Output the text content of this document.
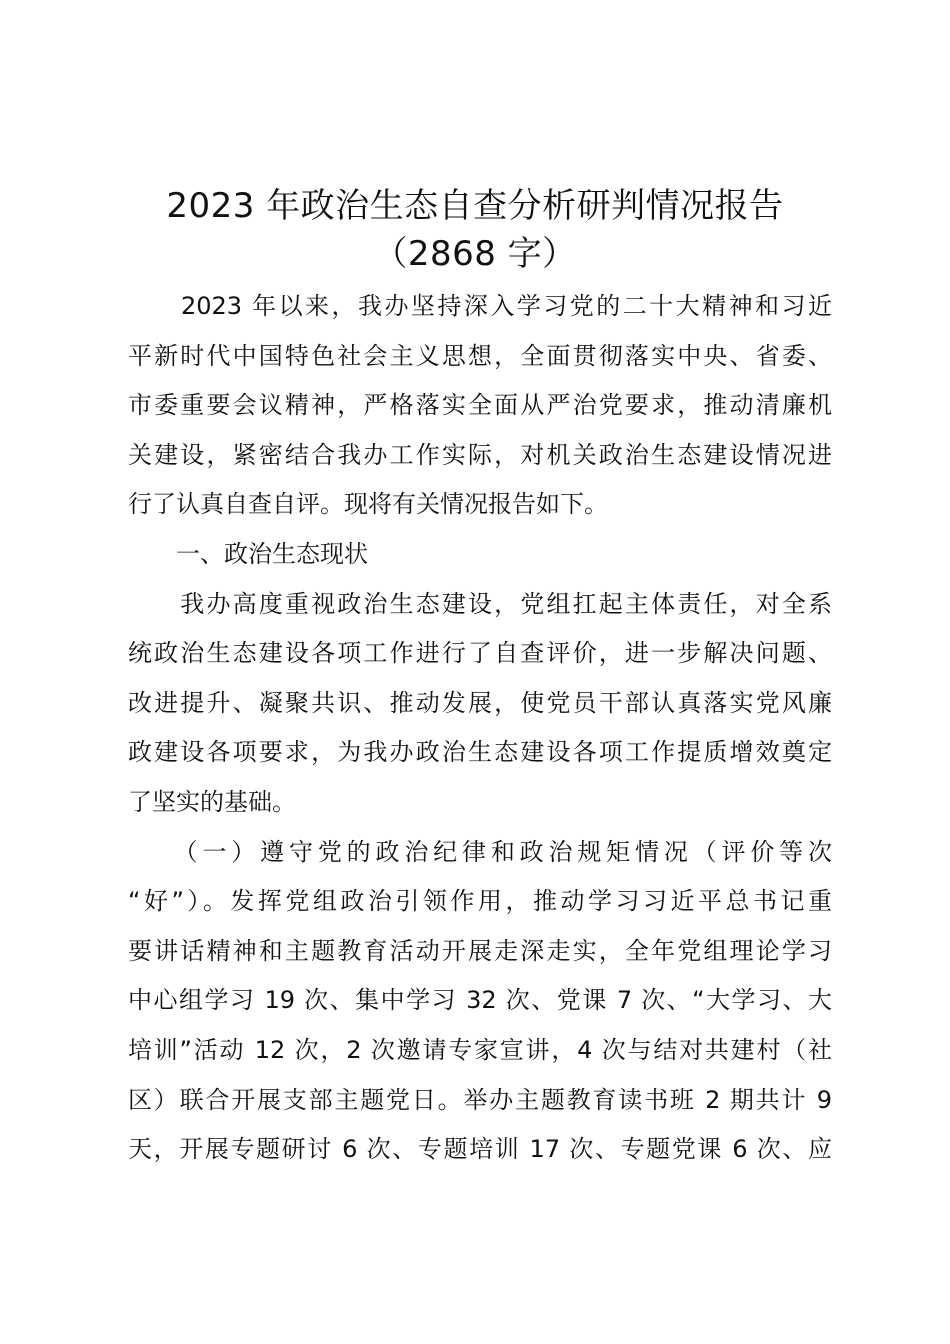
2023 年政治生态自查分析研判情况报告
（2868 字）
　　2023 年以来，我办坚持深入学习党的二十大精神和习近
平新时代中国特色社会主义思想，全面贯彻落实中央、省委、
市委重要会议精神，严格落实全面从严治党要求，推动清廉机
关建设，紧密结合我办工作实际，对机关政治生态建设情况进
行了认真自查自评。现将有关情况报告如下。
　　一、政治生态现状
　　我办高度重视政治生态建设，党组扛起主体责任，对全系
统政治生态建设各项工作进行了自查评价，进一步解决问题、
改进提升、凝聚共识、推动发展，使党员干部认真落实党风廉
政建设各项要求，为我办政治生态建设各项工作提质增效奠定
了坚实的基础。
　　（一）遵守党的政治纪律和政治规矩情况（评价等次
“好”）。发挥党组政治引领作用，推动学习习近平总书记重
要讲话精神和主题教育活动开展走深走实，全年党组理论学习
中心组学习 19 次、集中学习 32 次、党课 7 次、“大学习、大
培训”活动 12 次，2 次邀请专家宣讲，4 次与结对共建村（社
区）联合开展支部主题党日。举办主题教育读书班 2 期共计 9
天，开展专题研讨 6 次、专题培训 17 次、专题党课 6 次、应
